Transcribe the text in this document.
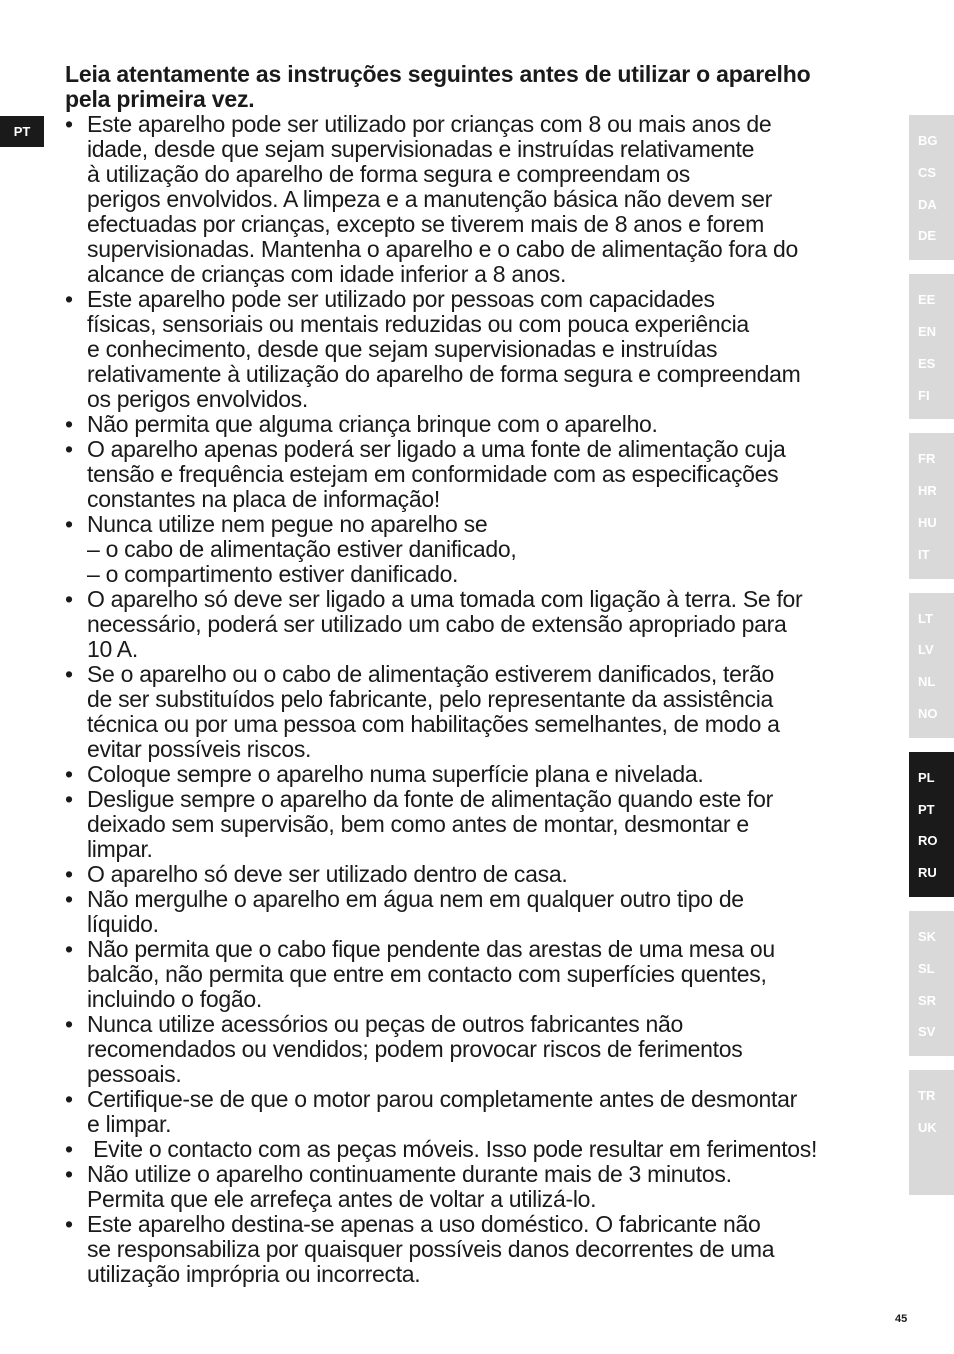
PT
Leia atentamente as instruções seguintes antes de utilizar o aparelho
pela primeira vez.
• Este aparelho pode ser utilizado por crianças com 8 ou mais anos de
idade, desde que sejam supervisionadas e instruídas relativamente
à utilização do aparelho de forma segura e compreendam os
perigos envolvidos. A limpeza e a manutenção básica não devem ser
efectuadas por crianças, excepto se tiverem mais de 8 anos e forem
supervisionadas. Mantenha o aparelho e o cabo de alimentação fora do
alcance de crianças com idade inferior a 8 anos.
• Este aparelho pode ser utilizado por pessoas com capacidades
físicas, sensoriais ou mentais reduzidas ou com pouca experiência
e conhecimento, desde que sejam supervisionadas e instruídas
relativamente à utilização do aparelho de forma segura e compreendam
os perigos envolvidos.
• Não permita que alguma criança brinque com o aparelho.
• O aparelho apenas poderá ser ligado a uma fonte de alimentação cuja
tensão e frequência estejam em conformidade com as especificações
constantes na placa de informação!
• Nunca utilize nem pegue no aparelho se
– o cabo de alimentação estiver danificado,
– o compartimento estiver danificado.
• O aparelho só deve ser ligado a uma tomada com ligação à terra. Se for
necessário, poderá ser utilizado um cabo de extensão apropriado para
10 A.
• Se o aparelho ou o cabo de alimentação estiverem danificados, terão
de ser substituídos pelo fabricante, pelo representante da assistência
técnica ou por uma pessoa com habilitações semelhantes, de modo a
evitar possíveis riscos.
• Coloque sempre o aparelho numa superfície plana e nivelada.
• Desligue sempre o aparelho da fonte de alimentação quando este for
deixado sem supervisão, bem como antes de montar, desmontar e
limpar.
• O aparelho só deve ser utilizado dentro de casa.
• Não mergulhe o aparelho em água nem em qualquer outro tipo de
líquido.
• Não permita que o cabo fique pendente das arestas de uma mesa ou
balcão, não permita que entre em contacto com superfícies quentes,
incluindo o fogão.
• Nunca utilize acessórios ou peças de outros fabricantes não
recomendados ou vendidos; podem provocar riscos de ferimentos
pessoais.
• Certifique-se de que o motor parou completamente antes de desmontar
e limpar.
• Evite o contacto com as peças móveis. Isso pode resultar em ferimentos!
• Não utilize o aparelho continuamente durante mais de 3 minutos.
Permita que ele arrefeça antes de voltar a utilizá-lo.
• Este aparelho destina-se apenas a uso doméstico. O fabricante não
se responsabiliza por quaisquer possíveis danos decorrentes de uma
utilização imprópria ou incorrecta.
BG
CS
DA
DE
EE
EN
ES
FI
FR
HR
HU
IT
LT
LV
NL
NO
PL
PT
RO
RU
SK
SL
SR
SV
TR
UK
45
